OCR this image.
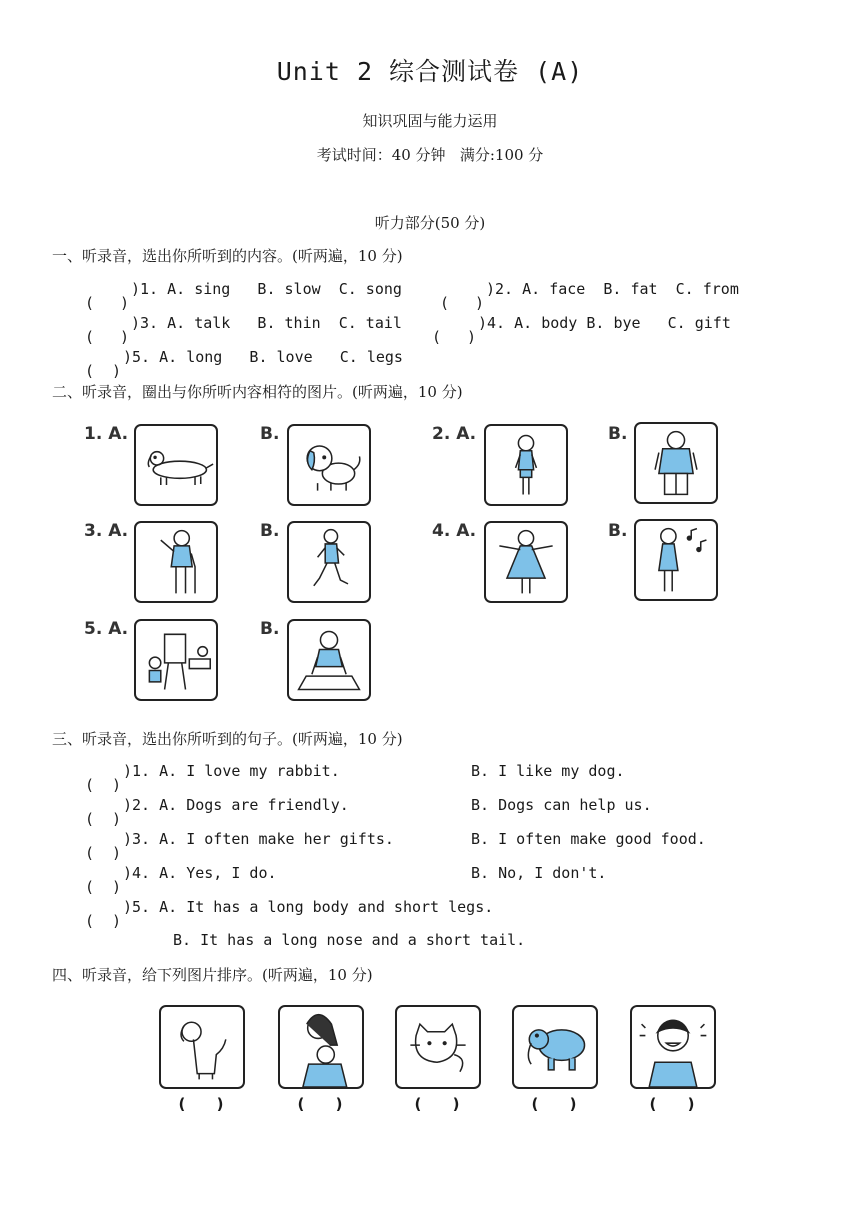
Unit 2 综合测试卷 (A)
知识巩固与能力运用
考试时间：40 分钟   满分:100 分
听力部分(50 分)
一、听录音，选出你所听到的内容。(听两遍，10 分)
)1. A. sing   B. slow  C. song	)2. A. face  B. fat  C. from
)3. A. talk   B. thin  C. tail	)4. A. body B. bye   C. gift
)5. A. long   B. love   C. legs
二、听录音，圈出与你所听内容相符的图片。(听两遍，10 分)
1. A.	B.	2. A.	B.
3. A.	B.	4. A.	B.
5. A.	B.
三、听录音，选出你所听到的句子。(听两遍，10 分)
)1. A. I love my rabbit.	B. I like my dog.
)2. A. Dogs are friendly.	B. Dogs can help us.
)3. A. I often make her gifts.	B. I often make good food.
)4. A. Yes, I do.	B. No, I don't.
)5. A. It has a long body and short legs.
B. It has a long nose and a short tail.
四、听录音，给下列图片排序。(听两遍，10 分)
(      )	(      )	(      )	(      )	(      )
